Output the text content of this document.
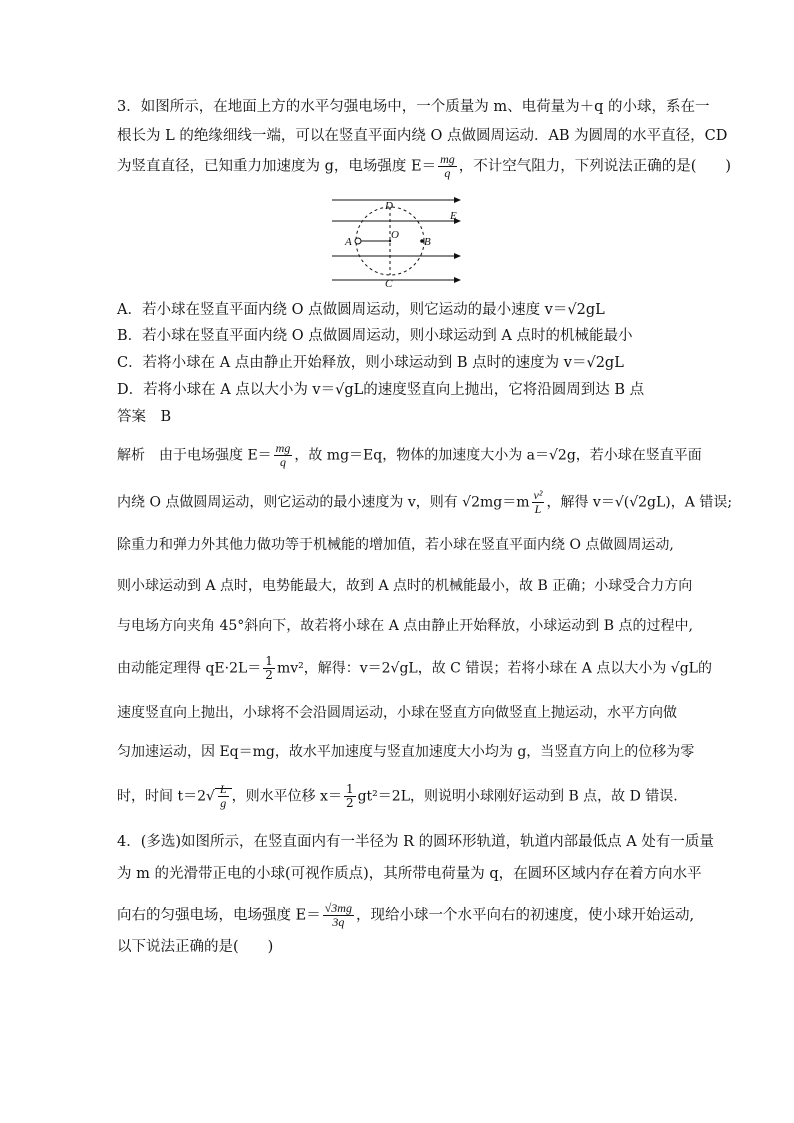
3．如图所示，在地面上方的水平匀强电场中，一个质量为 m、电荷量为＋q 的小球，系在一
根长为 L 的绝缘细线一端，可以在竖直平面内绕 O 点做圆周运动．AB 为圆周的水平直径，CD
为竖直直径，已知重力加速度为 g，电场强度 $E= \frac{mg}{q}$ ，不计空气阻力，下列说法正确的是(　　)
D
E
O
A	B
C
A．若小球在竖直平面内绕 O 点做圆周运动，则它运动的最小速度 v＝√2gL
B．若小球在竖直平面内绕 O 点做圆周运动，则小球运动到 A 点时的机械能最小
C．若将小球在 A 点由静止开始释放，则小球运动到 B 点时的速度为 v＝√2gL
D．若将小球在 A 点以大小为 v＝√gL的速度竖直向上抛出，它将沿圆周到达 B 点
答案　B
解析　由于电场强度 $E= \frac{mg}{q}$ ，故 mg＝Eq，物体的加速度大小为 a＝√2g，若小球在竖直平面
内绕 O 点做圆周运动，则它运动的最小速度为 v，则有 $√2mg=m \frac{\text{v²}}{L}$ ，解得 v＝√(√2gL)，A 错误;
除重力和弹力外其他力做功等于机械能的增加值，若小球在竖直平面内绕 O 点做圆周运动,
则小球运动到 A 点时，电势能最大，故到 A 点时的机械能最小，故 B 正确；小球受合力方向
与电场方向夹角 45°斜向下，故若将小球在 A 点由静止开始释放，小球运动到 B 点的过程中,
由动能定理得 $qE\cdot 2L= \frac{1}{2} mv^2$，解得：v＝2√gL，故 C 错误；若将小球在 A 点以大小为 √gL的
速度竖直向上抛出，小球将不会沿圆周运动，小球在竖直方向做竖直上抛运动，水平方向做
匀加速运动，因 Eq＝mg，故水平加速度与竖直加速度大小均为 g，当竖直方向上的位移为零
时，时间 $t=2√ \frac{L}{g}$ ，则水平位移 $x= \frac{1}{2} gt^2=2L$，则说明小球刚好运动到 B 点，故 D 错误.
4．(多选)如图所示，在竖直面内有一半径为 R 的圆环形轨道，轨道内部最低点 A 处有一质量
为 m 的光滑带正电的小球(可视作质点)，其所带电荷量为 q，在圆环区域内存在着方向水平
向右的匀强电场，电场强度 $E= \frac{√3mg}{3q}$ ，现给小球一个水平向右的初速度，使小球开始运动,
以下说法正确的是(　　)
